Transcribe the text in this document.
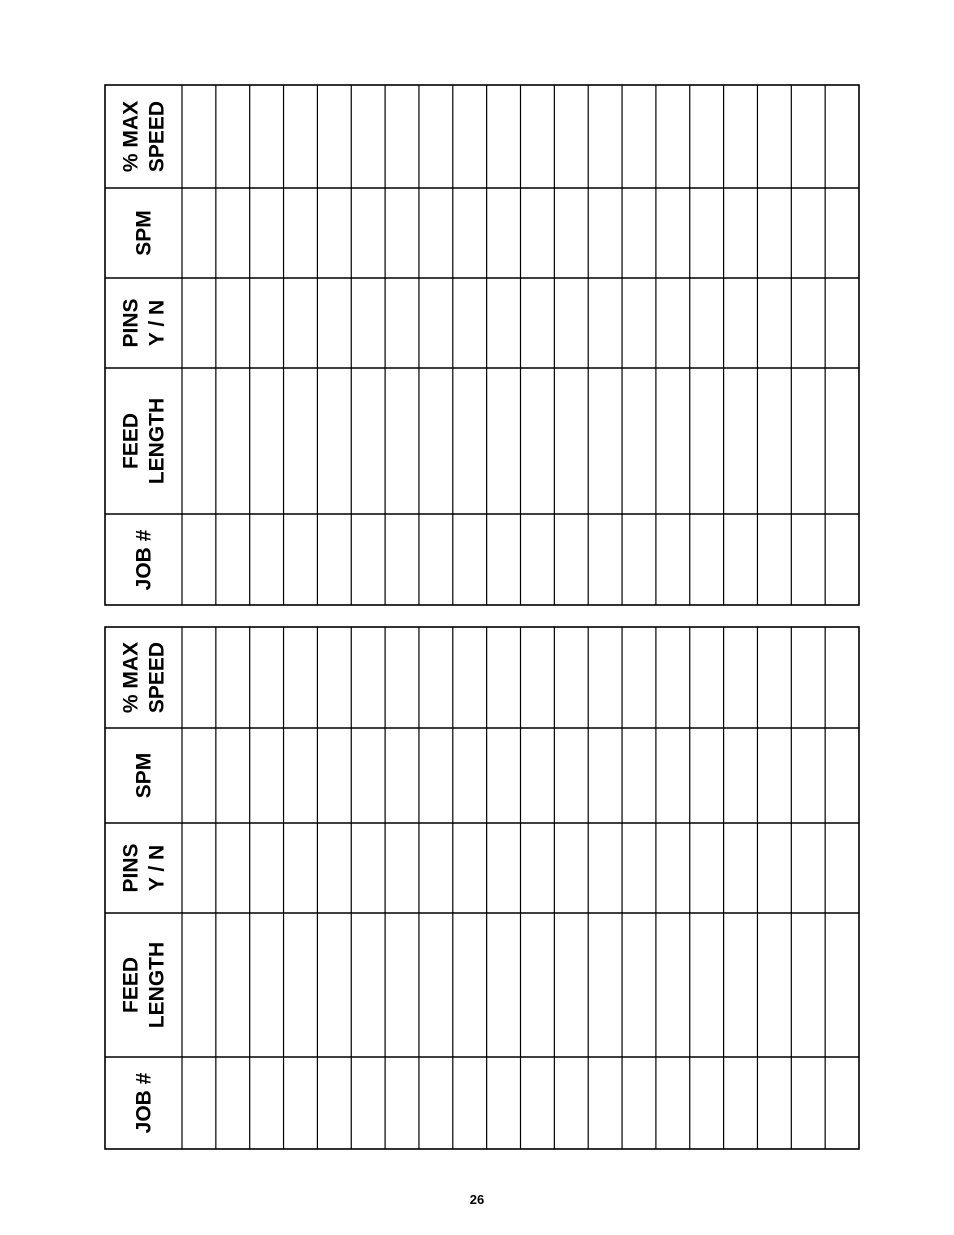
JOB #
FEED LENGTH
PINS Y / N
SPM
% MAX SPEED
JOB #
FEED LENGTH
PINS Y / N
SPM
% MAX SPEED
26
